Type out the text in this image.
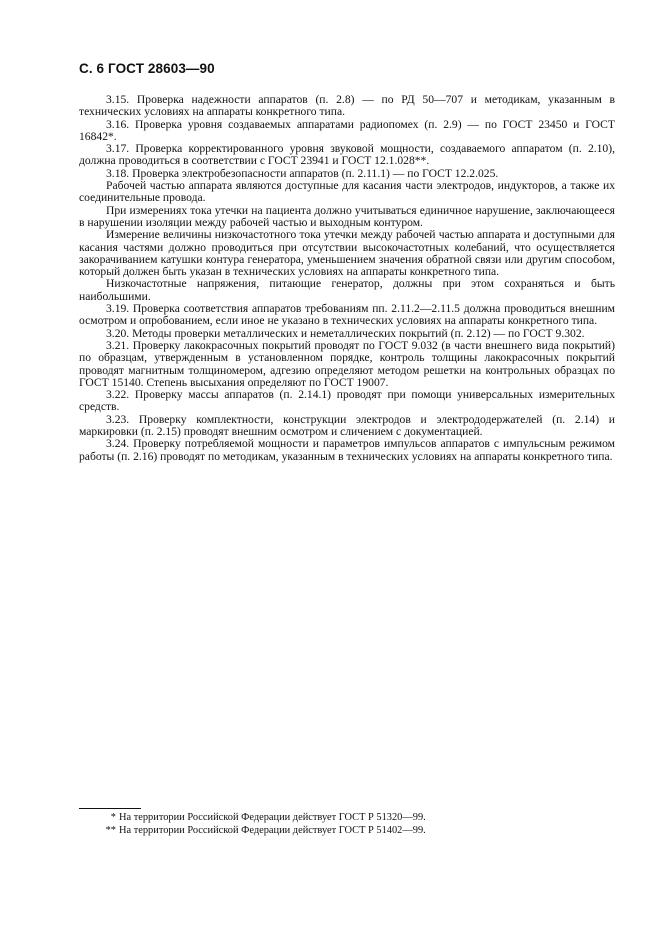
С. 6 ГОСТ 28603—90

3.15. Проверка надежности аппаратов (п. 2.8) — по РД 50—707 и методикам, указанным в технических условиях на аппараты конкретного типа.

3.16. Проверка уровня создаваемых аппаратами радиопомех (п. 2.9) — по ГОСТ 23450 и ГОСТ 16842*.

3.17. Проверка корректированного уровня звуковой мощности, создаваемого аппаратом (п. 2.10), должна проводиться в соответствии с ГОСТ 23941 и ГОСТ 12.1.028**.

3.18. Проверка электробезопасности аппаратов (п. 2.11.1) — по ГОСТ 12.2.025.

Рабочей частью аппарата являются доступные для касания части электродов, индукторов, а также их соединительные провода.

При измерениях тока утечки на пациента должно учитываться единичное нарушение, заключающееся в нарушении изоляции между рабочей частью и выходным контуром.

Измерение величины низкочастотного тока утечки между рабочей частью аппарата и доступными для касания частями должно проводиться при отсутствии высокочастотных колебаний, что осуществляется закорачиванием катушки контура генератора, уменьшением значения обратной связи или другим способом, который должен быть указан в технических условиях на аппараты конкретного типа.

Низкочастотные напряжения, питающие генератор, должны при этом сохраняться и быть наибольшими.

3.19. Проверка соответствия аппаратов требованиям пп. 2.11.2—2.11.5 должна проводиться внешним осмотром и опробованием, если иное не указано в технических условиях на аппараты конкретного типа.

3.20. Методы проверки металлических и неметаллических покрытий (п. 2.12) — по ГОСТ 9.302.

3.21. Проверку лакокрасочных покрытий проводят по ГОСТ 9.032 (в части внешнего вида покрытий) по образцам, утвержденным в установленном порядке, контроль толщины лакокрасочных покрытий проводят магнитным толщиномером, адгезию определяют методом решетки на контрольных образцах по ГОСТ 15140. Степень высыхания определяют по ГОСТ 19007.

3.22. Проверку массы аппаратов (п. 2.14.1) проводят при помощи универсальных измерительных средств.

3.23. Проверку комплектности, конструкции электродов и электрододержателей (п. 2.14) и маркировки (п. 2.15) проводят внешним осмотром и сличением с документацией.

3.24. Проверку потребляемой мощности и параметров импульсов аппаратов с импульсным режимом работы (п. 2.16) проводят по методикам, указанным в технических условиях на аппараты конкретного типа.

* На территории Российской Федерации действует ГОСТ Р 51320—99.
** На территории Российской Федерации действует ГОСТ Р 51402—99.
